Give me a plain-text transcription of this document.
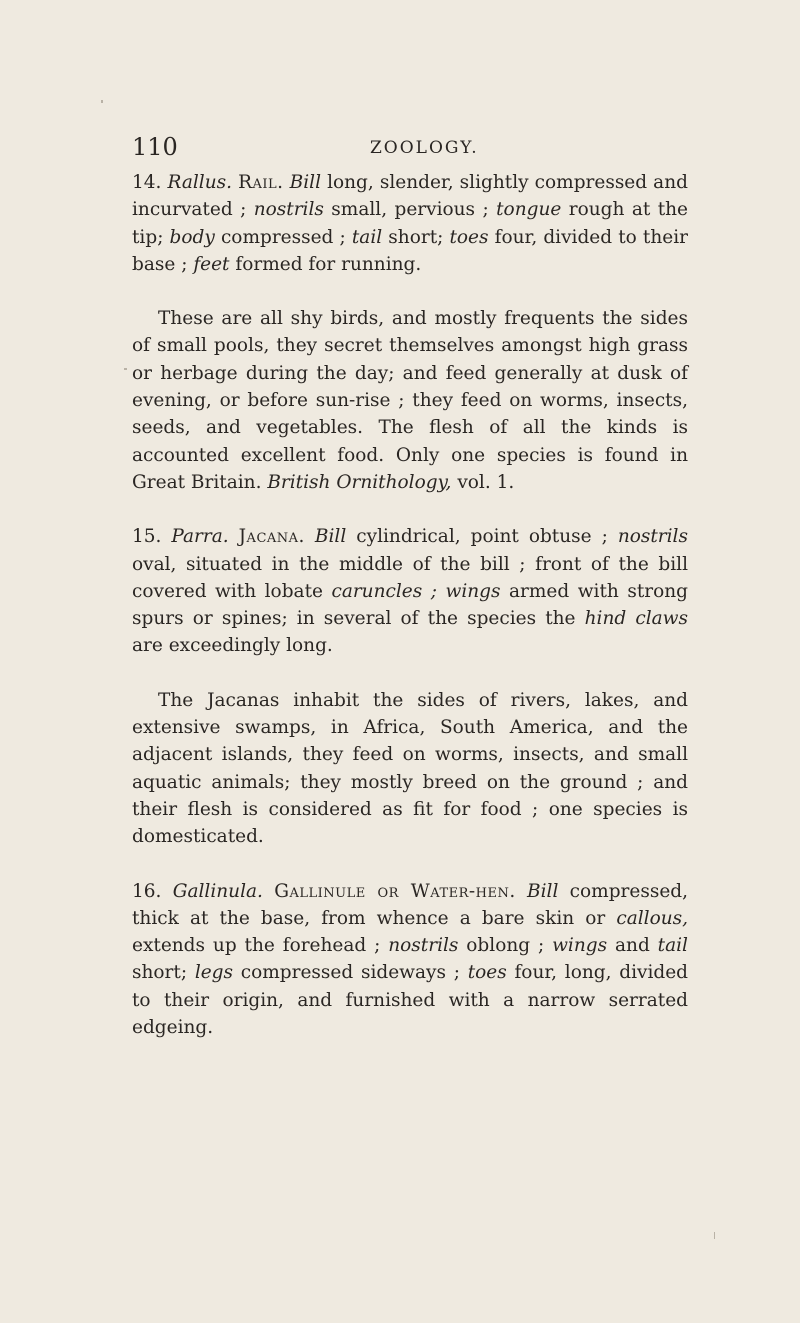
110	ZOOLOGY.

14. Rallus. Rail. Bill long, slender, slightly compressed and incurvated ; nostrils small, pervious ; tongue rough at the tip; body compressed ; tail short; toes four, divided to their base ; feet formed for running.

These are all shy birds, and mostly frequents the sides of small pools, they secret themselves amongst high grass or herbage during the day; and feed generally at dusk of evening, or before sun-rise ; they feed on worms, insects, seeds, and vegetables. The flesh of all the kinds is accounted excellent food. Only one species is found in Great Britain. British Ornithology, vol. 1.

15. Parra. Jacana. Bill cylindrical, point obtuse ; nostrils oval, situated in the middle of the bill ; front of the bill covered with lobate caruncles ; wings armed with strong spurs or spines; in several of the species the hind claws are exceedingly long.

The Jacanas inhabit the sides of rivers, lakes, and extensive swamps, in Africa, South America, and the adjacent islands, they feed on worms, insects, and small aquatic animals; they mostly breed on the ground ; and their flesh is considered as fit for food ; one species is domesticated.

16. Gallinula. Gallinule or Water-hen. Bill compressed, thick at the base, from whence a bare skin or callous, extends up the forehead ; nostrils oblong ; wings and tail short; legs compressed sideways ; toes four, long, divided to their origin, and furnished with a narrow serrated edgeing.
